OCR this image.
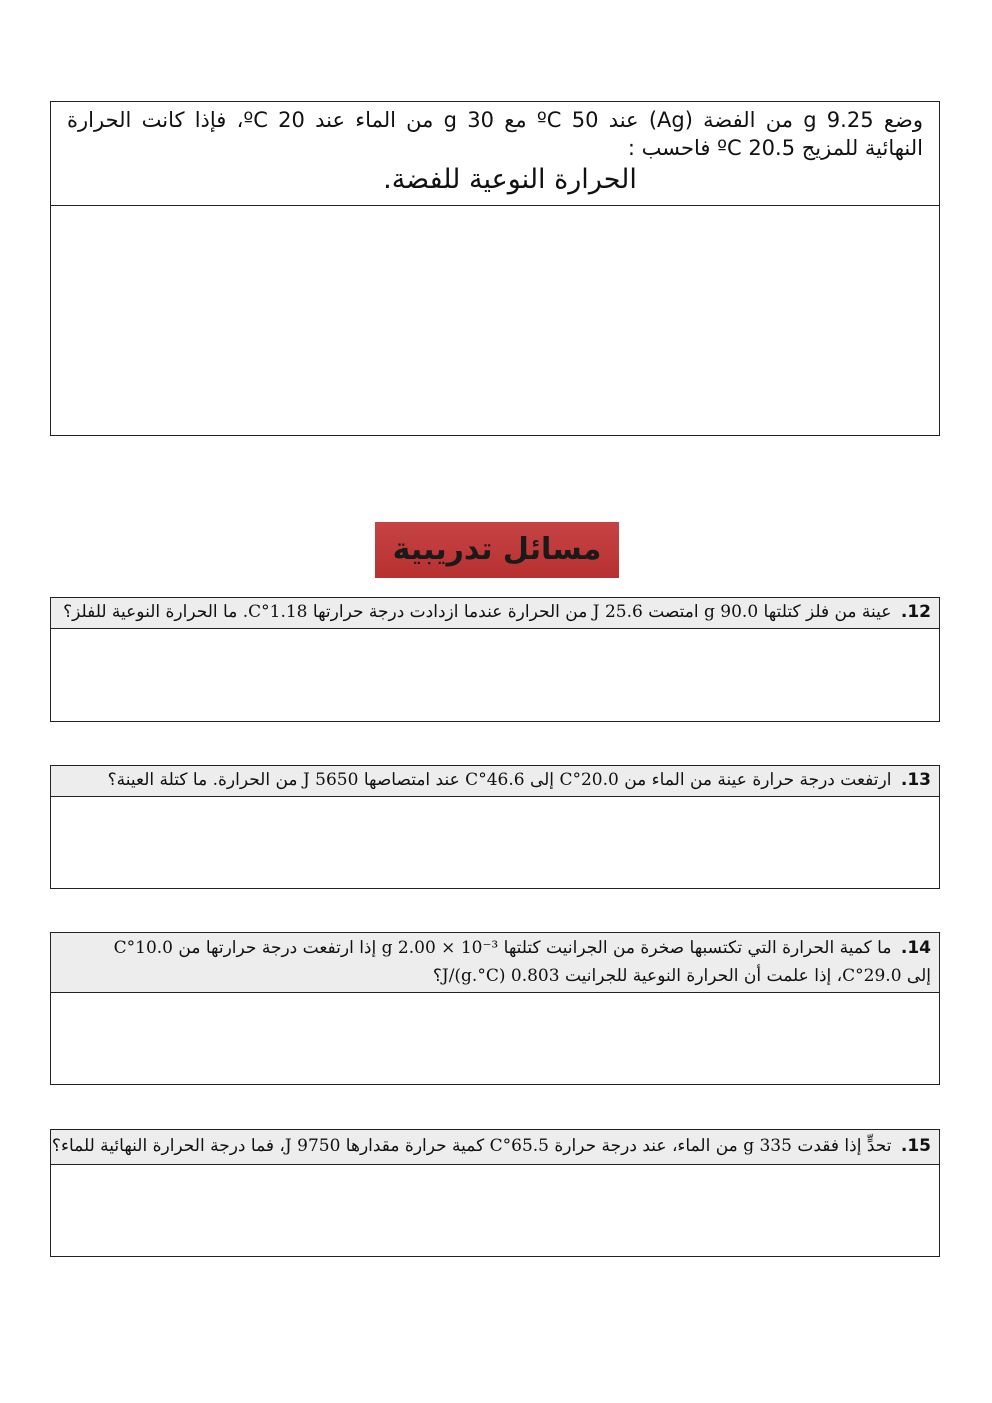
وضع g 9.25 من الفضة (Ag) عند 50 ºC مع g 30 من الماء عند 20 ºC، فإذا كانت الحرارة
النهائية للمزيج 20.5 ºC فاحسب :
الحرارة النوعية للفضة.
مسائل تدريبية
12. عينة من فلز كتلتها g 90.0 امتصت J 25.6 من الحرارة عندما ازدادت درجة حرارتها 1.18°C. ما الحرارة النوعية للفلز؟
13. ارتفعت درجة حرارة عينة من الماء من 20.0°C إلى 46.6°C عند امتصاصها J 5650 من الحرارة. ما كتلة العينة؟
14. ما كمية الحرارة التي تكتسبها صخرة من الجرانيت كتلتها g ‎2.00 × 10⁻³‎ إذا ارتفعت درجة حرارتها من 10.0°C
إلى 29.0°C، إذا علمت أن الحرارة النوعية للجرانيت 0.803 J/(g.°C)؟
15. تحدٍّ إذا فقدت g 335 من الماء، عند درجة حرارة 65.5°C كمية حرارة مقدارها J 9750، فما درجة الحرارة النهائية للماء؟
